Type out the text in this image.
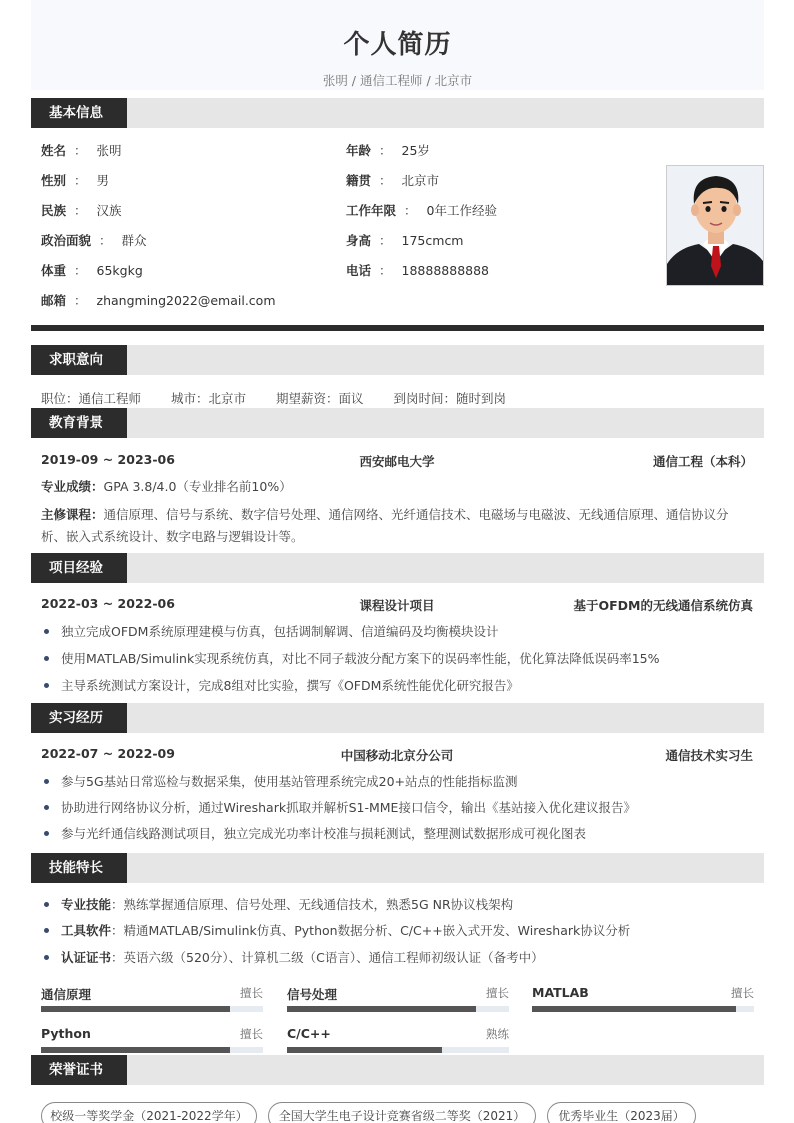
个人简历
张明 / 通信工程师 / 北京市
基本信息
姓名 ： 张明	年龄 ： 25岁
性别 ： 男	籍贯 ： 北京市
民族 ： 汉族	工作年限 ： 0年工作经验
政治面貌 ： 群众	身高 ： 175cmcm
体重 ： 65kgkg	电话 ： 18888888888
邮箱 ： zhangming2022@email.com
求职意向
职位：通信工程师 城市：北京市 期望薪资：面议 到岗时间：随时到岗
教育背景
2019-09 ~ 2023-06	西安邮电大学	通信工程（本科）
专业成绩：GPA 3.8/4.0（专业排名前10%）
主修课程：通信原理、信号与系统、数字信号处理、通信网络、光纤通信技术、电磁场与电磁波、无线通信原理、通信协议分析、嵌入式系统设计、数字电路与逻辑设计等。
项目经验
2022-03 ~ 2022-06	课程设计项目	基于OFDM的无线通信系统仿真
独立完成OFDM系统原理建模与仿真，包括调制解调、信道编码及均衡模块设计
使用MATLAB/Simulink实现系统仿真，对比不同子载波分配方案下的误码率性能，优化算法降低误码率15%
主导系统测试方案设计，完成8组对比实验，撰写《OFDM系统性能优化研究报告》
实习经历
2022-07 ~ 2022-09	中国移动北京分公司	通信技术实习生
参与5G基站日常巡检与数据采集，使用基站管理系统完成20+站点的性能指标监测
协助进行网络协议分析，通过Wireshark抓取并解析S1-MME接口信令，输出《基站接入优化建议报告》
参与光纤通信线路测试项目，独立完成光功率计校准与损耗测试，整理测试数据形成可视化图表
技能特长
专业技能：熟练掌握通信原理、信号处理、无线通信技术，熟悉5G NR协议栈架构
工具软件：精通MATLAB/Simulink仿真、Python数据分析、C/C++嵌入式开发、Wireshark协议分析
认证证书：英语六级（520分）、计算机二级（C语言）、通信工程师初级认证（备考中）
通信原理	擅长 信号处理	擅长 MATLAB	擅长
Python	擅长 C/C++	熟练
荣誉证书
校级一等奖学金（2021-2022学年）	全国大学生电子设计竞赛省级二等奖（2021）	优秀毕业生（2023届）
